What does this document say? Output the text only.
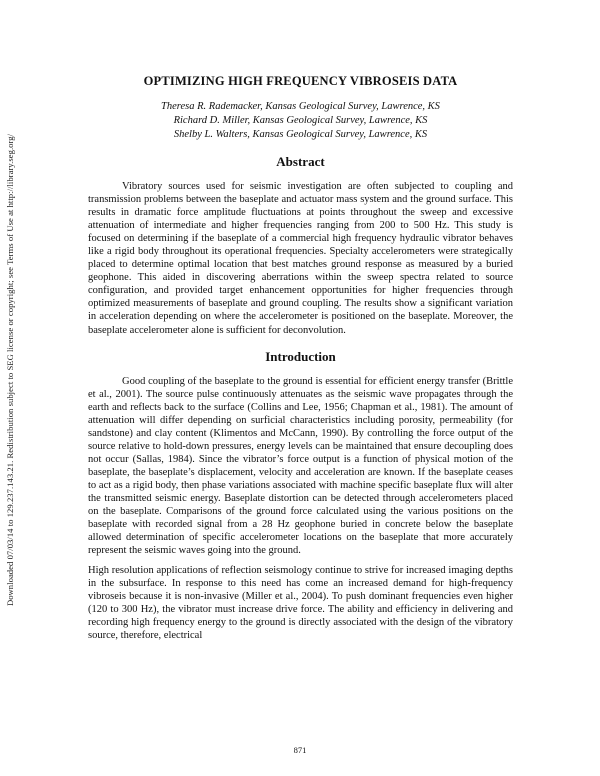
Downloaded 07/03/14 to 129.237.143.21. Redistribution subject to SEG license or copyright; see Terms of Use at http://library.seg.org/
OPTIMIZING HIGH FREQUENCY VIBROSEIS DATA
Theresa R. Rademacker, Kansas Geological Survey, Lawrence, KS
Richard D. Miller, Kansas Geological Survey, Lawrence, KS
Shelby L. Walters, Kansas Geological Survey, Lawrence, KS
Abstract

Vibratory sources used for seismic investigation are often subjected to coupling and transmission problems between the baseplate and actuator mass system and the ground surface. This results in dramatic force amplitude fluctuations at points throughout the sweep and excessive attenuation of intermediate and higher frequencies ranging from 200 to 500 Hz. This study is focused on determining if the baseplate of a commercial high frequency hydraulic vibrator behaves like a rigid body throughout its operational frequencies. Specialty accelerometers were strategically placed to determine optimal location that best matches ground response as measured by a buried geophone. This aided in discovering aberrations within the sweep spectra related to source configuration, and provided target enhancement opportunities for higher frequencies through optimized measurements of baseplate and ground coupling. The results show a significant variation in acceleration depending on where the accelerometer is positioned on the baseplate. Moreover, the baseplate accelerometer alone is sufficient for deconvolution.

Introduction

Good coupling of the baseplate to the ground is essential for efficient energy transfer (Brittle et al., 2001). The source pulse continuously attenuates as the seismic wave propagates through the earth and reflects back to the surface (Collins and Lee, 1956; Chapman et al., 1981). The amount of attenuation will differ depending on surficial characteristics including porosity, permeability (for sandstone) and clay content (Klimentos and McCann, 1990). By controlling the force output of the source relative to hold-down pressures, energy levels can be maintained that ensure decoupling does not occur (Sallas, 1984). Since the vibrator’s force output is a function of physical motion of the baseplate, the baseplate’s displacement, velocity and acceleration are known. If the baseplate ceases to act as a rigid body, then phase variations associated with machine specific baseplate flux will alter the transmitted seismic energy. Baseplate distortion can be detected through accelerometers placed on the baseplate. Comparisons of the ground force calculated using the various positions on the baseplate with recorded signal from a 28 Hz geophone buried in concrete below the baseplate allowed determination of specific accelerometer locations on the baseplate that more accurately represent the seismic waves going into the ground.

High resolution applications of reflection seismology continue to strive for increased imaging depths in the subsurface. In response to this need has come an increased demand for high-frequency vibroseis because it is non-invasive (Miller et al., 2004). To push dominant frequencies even higher (120 to 300 Hz), the vibrator must increase drive force. The ability and efficiency in delivering and recording high frequency energy to the ground is directly associated with the design of the vibratory source, therefore, electrical

871
